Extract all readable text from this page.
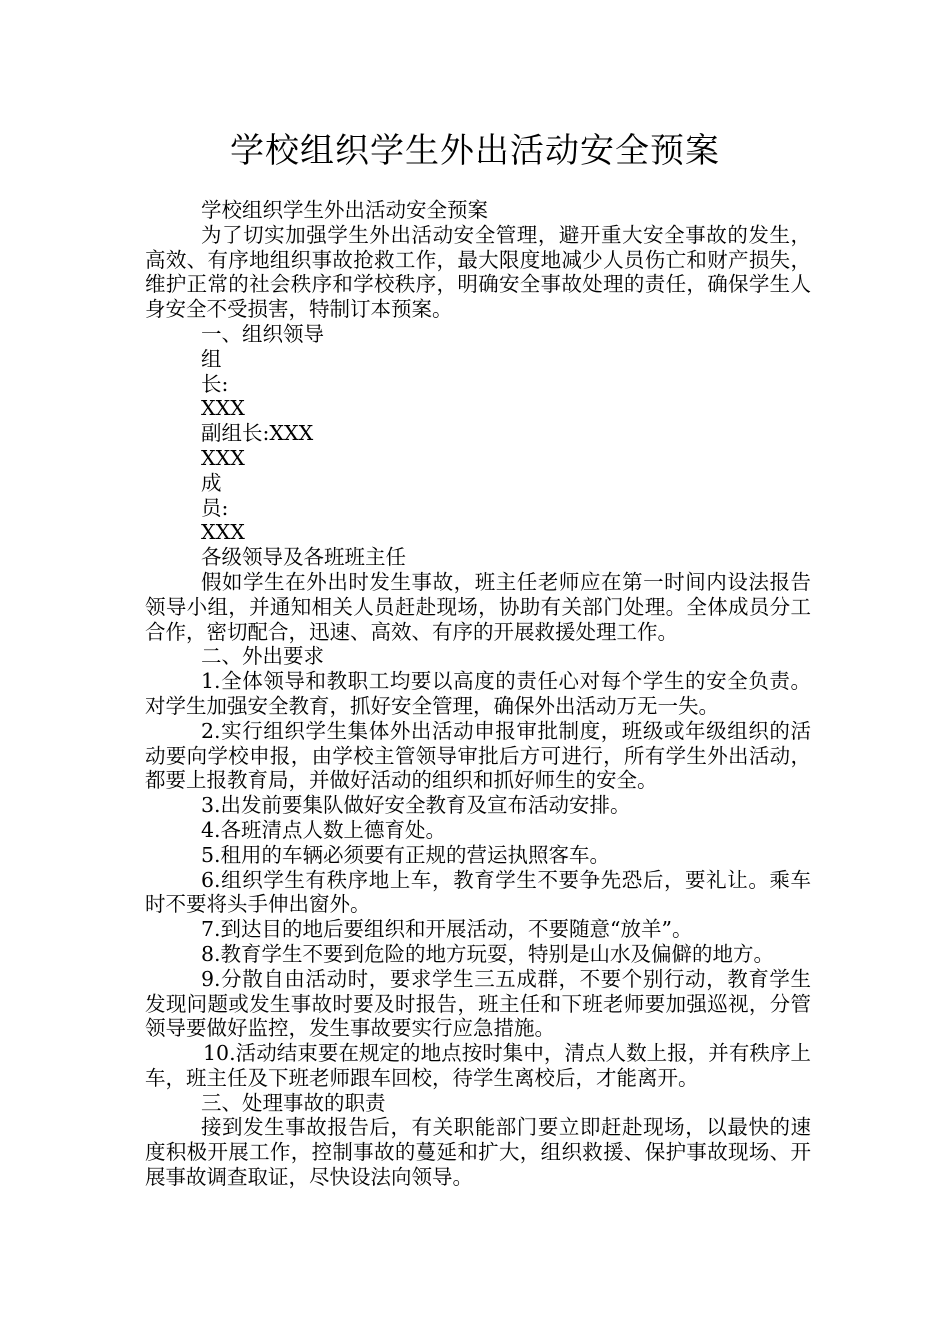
学校组织学生外出活动安全预案

学校组织学生外出活动安全预案

为了切实加强学生外出活动安全管理，避开重大安全事故的发生，高效、有序地组织事故抢救工作，最大限度地减少人员伤亡和财产损失，维护正常的社会秩序和学校秩序，明确安全事故处理的责任，确保学生人身安全不受损害，特制订本预案。

一、组织领导

组

长:

XXX

副组长:XXX

XXX

成

员:

XXX

各级领导及各班班主任

假如学生在外出时发生事故，班主任老师应在第一时间内设法报告领导小组，并通知相关人员赶赴现场，协助有关部门处理。全体成员分工合作，密切配合，迅速、高效、有序的开展救援处理工作。

二、外出要求

1.全体领导和教职工均要以高度的责任心对每个学生的安全负责。对学生加强安全教育，抓好安全管理，确保外出活动万无一失。

2.实行组织学生集体外出活动申报审批制度，班级或年级组织的活动要向学校申报，由学校主管领导审批后方可进行，所有学生外出活动，都要上报教育局，并做好活动的组织和抓好师生的安全。

3.出发前要集队做好安全教育及宣布活动安排。

4.各班清点人数上德育处。

5.租用的车辆必须要有正规的营运执照客车。

6.组织学生有秩序地上车，教育学生不要争先恐后，要礼让。乘车时不要将头手伸出窗外。

7.到达目的地后要组织和开展活动，不要随意“放羊”。

8.教育学生不要到危险的地方玩耍，特别是山水及偏僻的地方。

9.分散自由活动时，要求学生三五成群，不要个别行动，教育学生发现问题或发生事故时要及时报告，班主任和下班老师要加强巡视，分管领导要做好监控，发生事故要实行应急措施。

10.活动结束要在规定的地点按时集中，清点人数上报，并有秩序上车，班主任及下班老师跟车回校，待学生离校后，才能离开。

三、处理事故的职责

接到发生事故报告后，有关职能部门要立即赶赴现场，以最快的速度积极开展工作，控制事故的蔓延和扩大，组织救援、保护事故现场、开展事故调查取证，尽快设法向领导。
